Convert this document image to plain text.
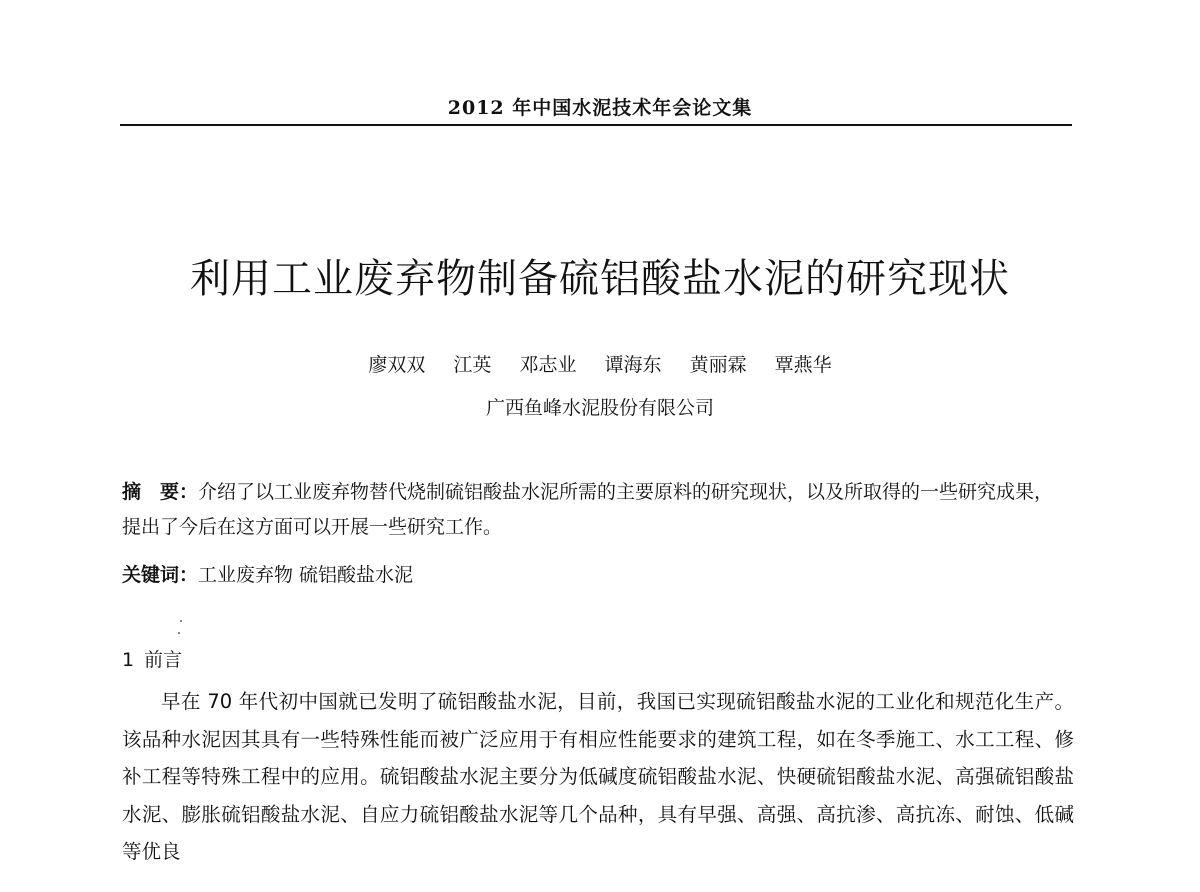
2012 年中国水泥技术年会论文集
利用工业废弃物制备硫铝酸盐水泥的研究现状
廖双双 江英 邓志业 谭海东 黄丽霖 覃燕华
广西鱼峰水泥股份有限公司
摘　要：介绍了以工业废弃物替代烧制硫铝酸盐水泥所需的主要原料的研究现状，以及所取得的一些研究成果，提出了今后在这方面可以开展一些研究工作。
关键词：工业废弃物 硫铝酸盐水泥
1 前言
早在 70 年代初中国就已发明了硫铝酸盐水泥，目前，我国已实现硫铝酸盐水泥的工业化和规范化生产。该品种水泥因其具有一些特殊性能而被广泛应用于有相应性能要求的建筑工程，如在冬季施工、水工工程、修补工程等特殊工程中的应用。硫铝酸盐水泥主要分为低碱度硫铝酸盐水泥、快硬硫铝酸盐水泥、高强硫铝酸盐水泥、膨胀硫铝酸盐水泥、自应力硫铝酸盐水泥等几个品种，具有早强、高强、高抗渗、高抗冻、耐蚀、低碱等优良
